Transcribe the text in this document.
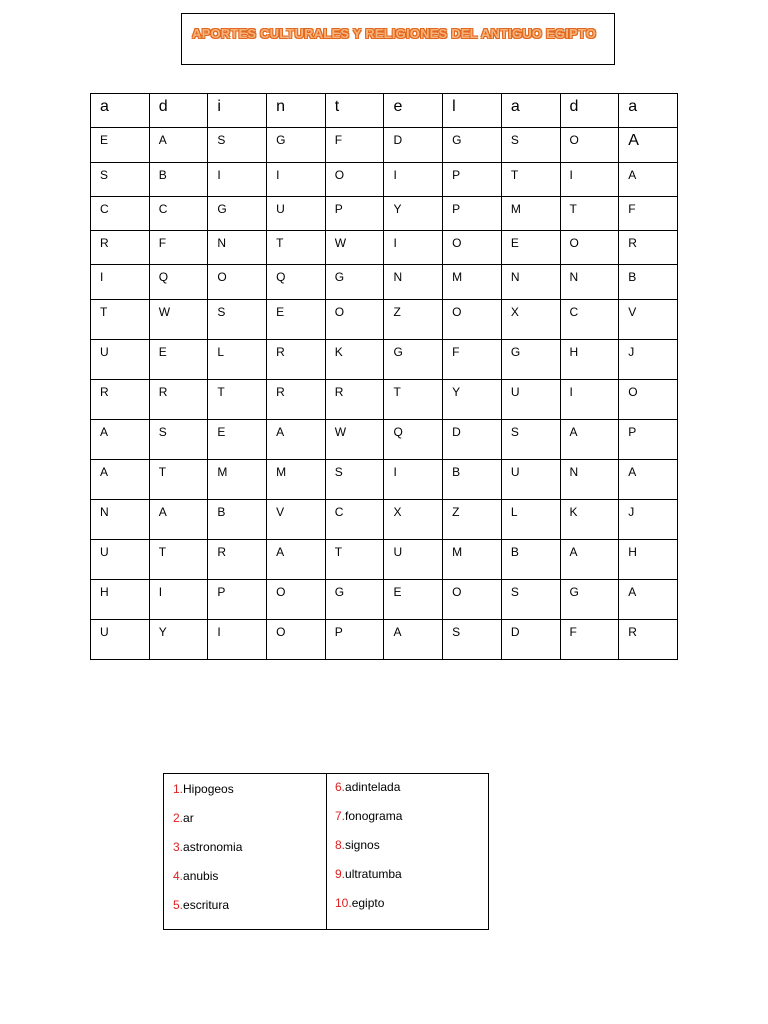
APORTES CULTURALES Y RELIGIONES DEL ANTIGUO EGIPTO
a	d	i	n	t	e	l	a	d	a
E	A	S	G	F	D	G	S	O	A
S	B	I	I	O	I	P	T	I	A
C	C	G	U	P	Y	P	M	T	F
R	F	N	T	W	I	O	E	O	R
I	Q	O	Q	G	N	M	N	N	B
T	W	S	E	O	Z	O	X	C	V
U	E	L	R	K	G	F	G	H	J
R	R	T	R	R	T	Y	U	I	O
A	S	E	A	W	Q	D	S	A	P
A	T	M	M	S	I	B	U	N	A
N	A	B	V	C	X	Z	L	K	J
U	T	R	A	T	U	M	B	A	H
H	I	P	O	G	E	O	S	G	A
U	Y	I	O	P	A	S	D	F	R
1.Hipogeos
2.ar
3.astronomia
4.anubis
5.escritura
6.adintelada
7.fonograma
8.signos
9.ultratumba
10.egipto
